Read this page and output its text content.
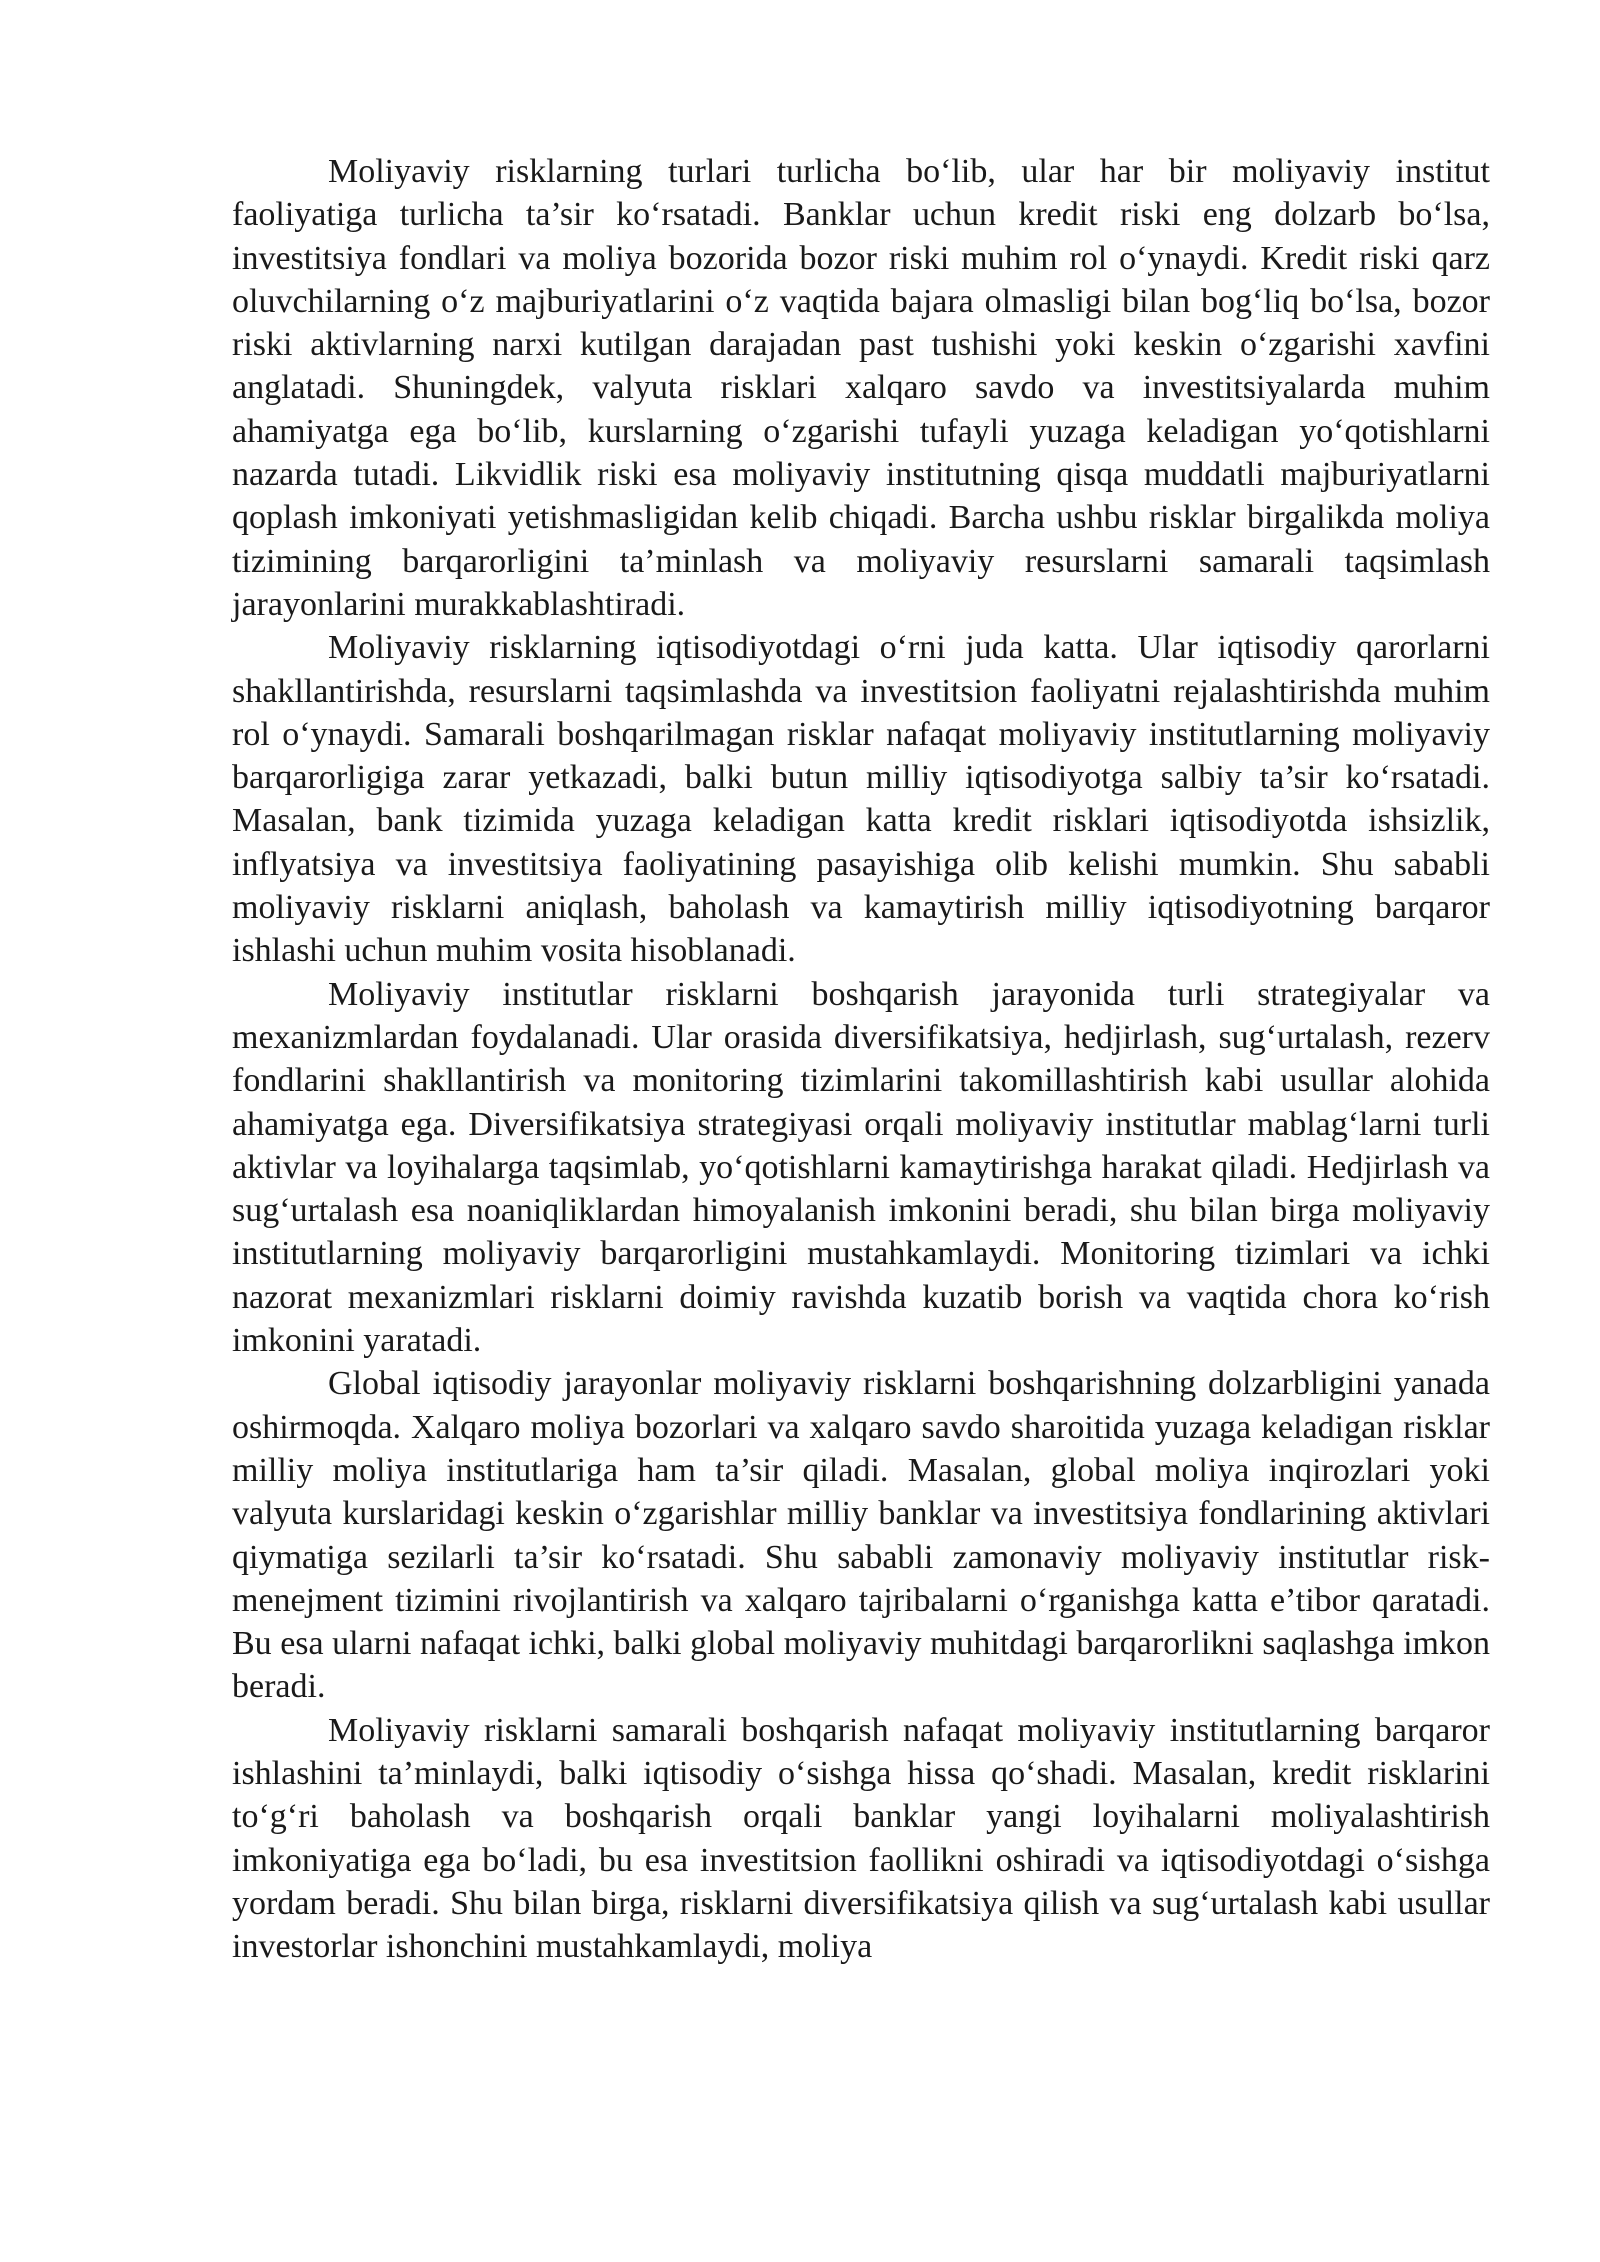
Moliyaviy risklarning turlari turlicha bo‘lib, ular har bir moliyaviy institut faoliyatiga turlicha ta’sir ko‘rsatadi. Banklar uchun kredit riski eng dolzarb bo‘lsa, investitsiya fondlari va moliya bozorida bozor riski muhim rol o‘ynaydi. Kredit riski qarz oluvchilarning o‘z majburiyatlarini o‘z vaqtida bajara olmasligi bilan bog‘liq bo‘lsa, bozor riski aktivlarning narxi kutilgan darajadan past tushishi yoki keskin o‘zgarishi xavfini anglatadi. Shuningdek, valyuta risklari xalqaro savdo va investitsiyalarda muhim ahamiyatga ega bo‘lib, kurslarning o‘zgarishi tufayli yuzaga keladigan yo‘qotishlarni nazarda tutadi. Likvidlik riski esa moliyaviy institutning qisqa muddatli majburiyatlarni qoplash imkoniyati yetishmasligidan kelib chiqadi. Barcha ushbu risklar birgalikda moliya tizimining barqarorligini ta’minlash va moliyaviy resurslarni samarali taqsimlash jarayonlarini murakkablashtiradi.

Moliyaviy risklarning iqtisodiyotdagi o‘rni juda katta. Ular iqtisodiy qarorlarni shakllantirishda, resurslarni taqsimlashda va investitsion faoliyatni rejalashtirishda muhim rol o‘ynaydi. Samarali boshqarilmagan risklar nafaqat moliyaviy institutlarning moliyaviy barqarorligiga zarar yetkazadi, balki butun milliy iqtisodiyotga salbiy ta’sir ko‘rsatadi. Masalan, bank tizimida yuzaga keladigan katta kredit risklari iqtisodiyotda ishsizlik, inflyatsiya va investitsiya faoliyatining pasayishiga olib kelishi mumkin. Shu sababli moliyaviy risklarni aniqlash, baholash va kamaytirish milliy iqtisodiyotning barqaror ishlashi uchun muhim vosita hisoblanadi.

Moliyaviy institutlar risklarni boshqarish jarayonida turli strategiyalar va mexanizmlardan foydalanadi. Ular orasida diversifikatsiya, hedjirlash, sug‘urtalash, rezerv fondlarini shakllantirish va monitoring tizimlarini takomillashtirish kabi usullar alohida ahamiyatga ega. Diversifikatsiya strategiyasi orqali moliyaviy institutlar mablag‘larni turli aktivlar va loyihalarga taqsimlab, yo‘qotishlarni kamaytirishga harakat qiladi. Hedjirlash va sug‘urtalash esa noaniqliklardan himoyalanish imkonini beradi, shu bilan birga moliyaviy institutlarning moliyaviy barqarorligini mustahkamlaydi. Monitoring tizimlari va ichki nazorat mexanizmlari risklarni doimiy ravishda kuzatib borish va vaqtida chora ko‘rish imkonini yaratadi.

Global iqtisodiy jarayonlar moliyaviy risklarni boshqarishning dolzarbligini yanada oshirmoqda. Xalqaro moliya bozorlari va xalqaro savdo sharoitida yuzaga keladigan risklar milliy moliya institutlariga ham ta’sir qiladi. Masalan, global moliya inqirozlari yoki valyuta kurslaridagi keskin o‘zgarishlar milliy banklar va investitsiya fondlarining aktivlari qiymatiga sezilarli ta’sir ko‘rsatadi. Shu sababli zamonaviy moliyaviy institutlar risk-menejment tizimini rivojlantirish va xalqaro tajribalarni o‘rganishga katta e’tibor qaratadi. Bu esa ularni nafaqat ichki, balki global moliyaviy muhitdagi barqarorlikni saqlashga imkon beradi.

Moliyaviy risklarni samarali boshqarish nafaqat moliyaviy institutlarning barqaror ishlashini ta’minlaydi, balki iqtisodiy o‘sishga hissa qo‘shadi. Masalan, kredit risklarini to‘g‘ri baholash va boshqarish orqali banklar yangi loyihalarni moliyalashtirish imkoniyatiga ega bo‘ladi, bu esa investitsion faollikni oshiradi va iqtisodiyotdagi o‘sishga yordam beradi. Shu bilan birga, risklarni diversifikatsiya qilish va sug‘urtalash kabi usullar investorlar ishonchini mustahkamlaydi, moliya
